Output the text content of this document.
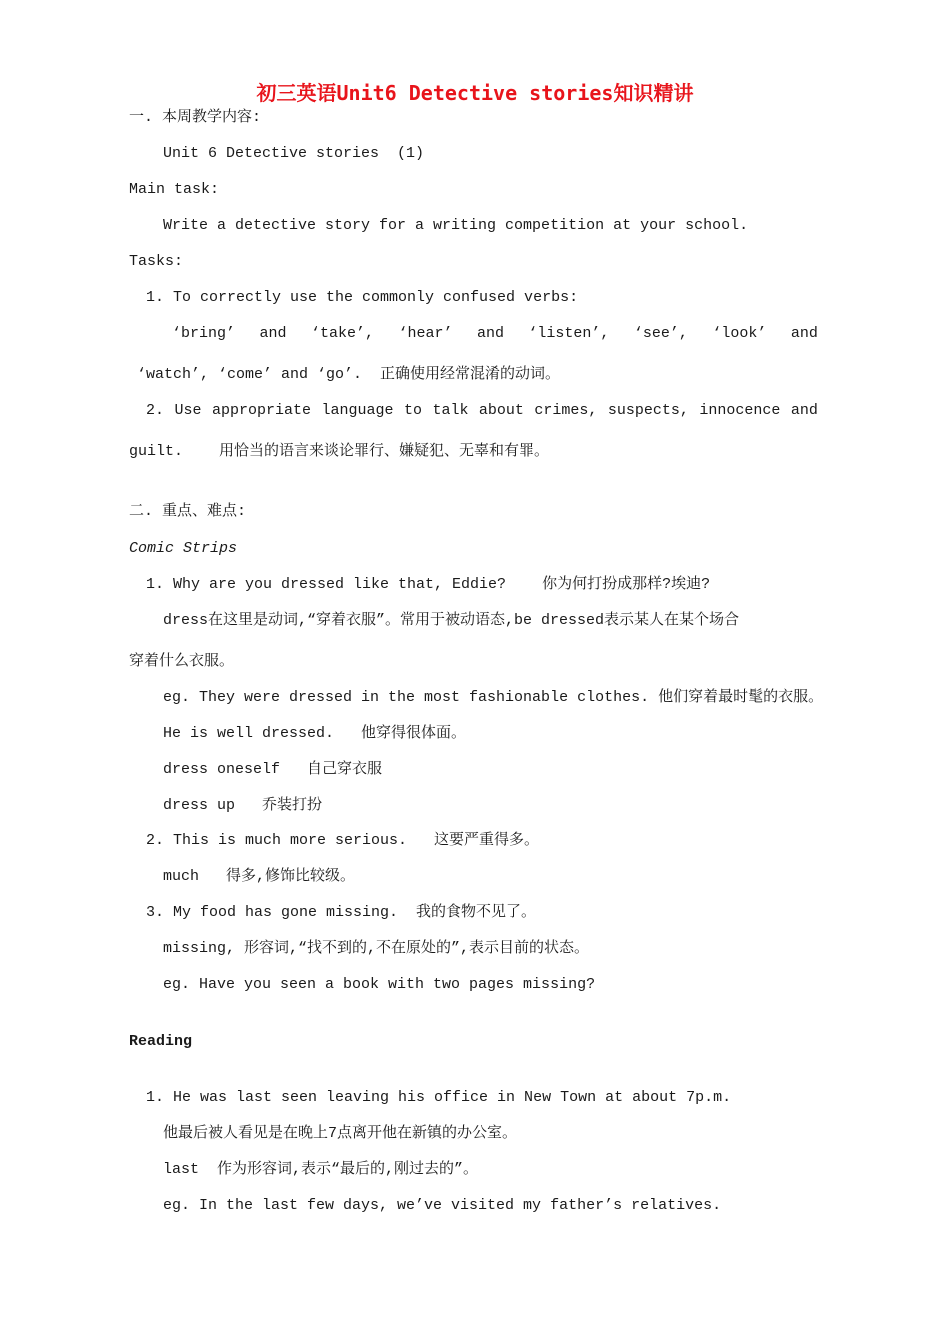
初三英语Unit6 Detective stories知识精讲
一. 本周教学内容:
Unit 6 Detective stories  (1)
Main task:
Write a detective story for a writing competition at your school.
Tasks:
1. To correctly use the commonly confused verbs:
‘bring’ and ‘take’, ‘hear’ and ‘listen’, ‘see’, ‘look’ and
‘watch’, ‘come’ and ‘go’.  正确使用经常混淆的动词。
2. Use appropriate language to talk about crimes, suspects, innocence and
guilt.    用恰当的语言来谈论罪行、嫌疑犯、无辜和有罪。
二. 重点、难点:
Comic Strips
1. Why are you dressed like that, Eddie?    你为何打扮成那样?埃迪?
dress在这里是动词,“穿着衣服”。常用于被动语态,be dressed表示某人在某个场合
穿着什么衣服。
eg. They were dressed in the most fashionable clothes. 他们穿着最时髦的衣服。
He is well dressed.   他穿得很体面。
dress oneself   自己穿衣服
dress up   乔装打扮
2. This is much more serious.   这要严重得多。
much   得多,修饰比较级。
3. My food has gone missing.  我的食物不见了。
missing, 形容词,“找不到的,不在原处的”,表示目前的状态。
eg. Have you seen a book with two pages missing?
Reading
1. He was last seen leaving his office in New Town at about 7p.m.
他最后被人看见是在晚上7点离开他在新镇的办公室。
last  作为形容词,表示“最后的,刚过去的”。
eg. In the last few days, we’ve visited my father’s relatives.
